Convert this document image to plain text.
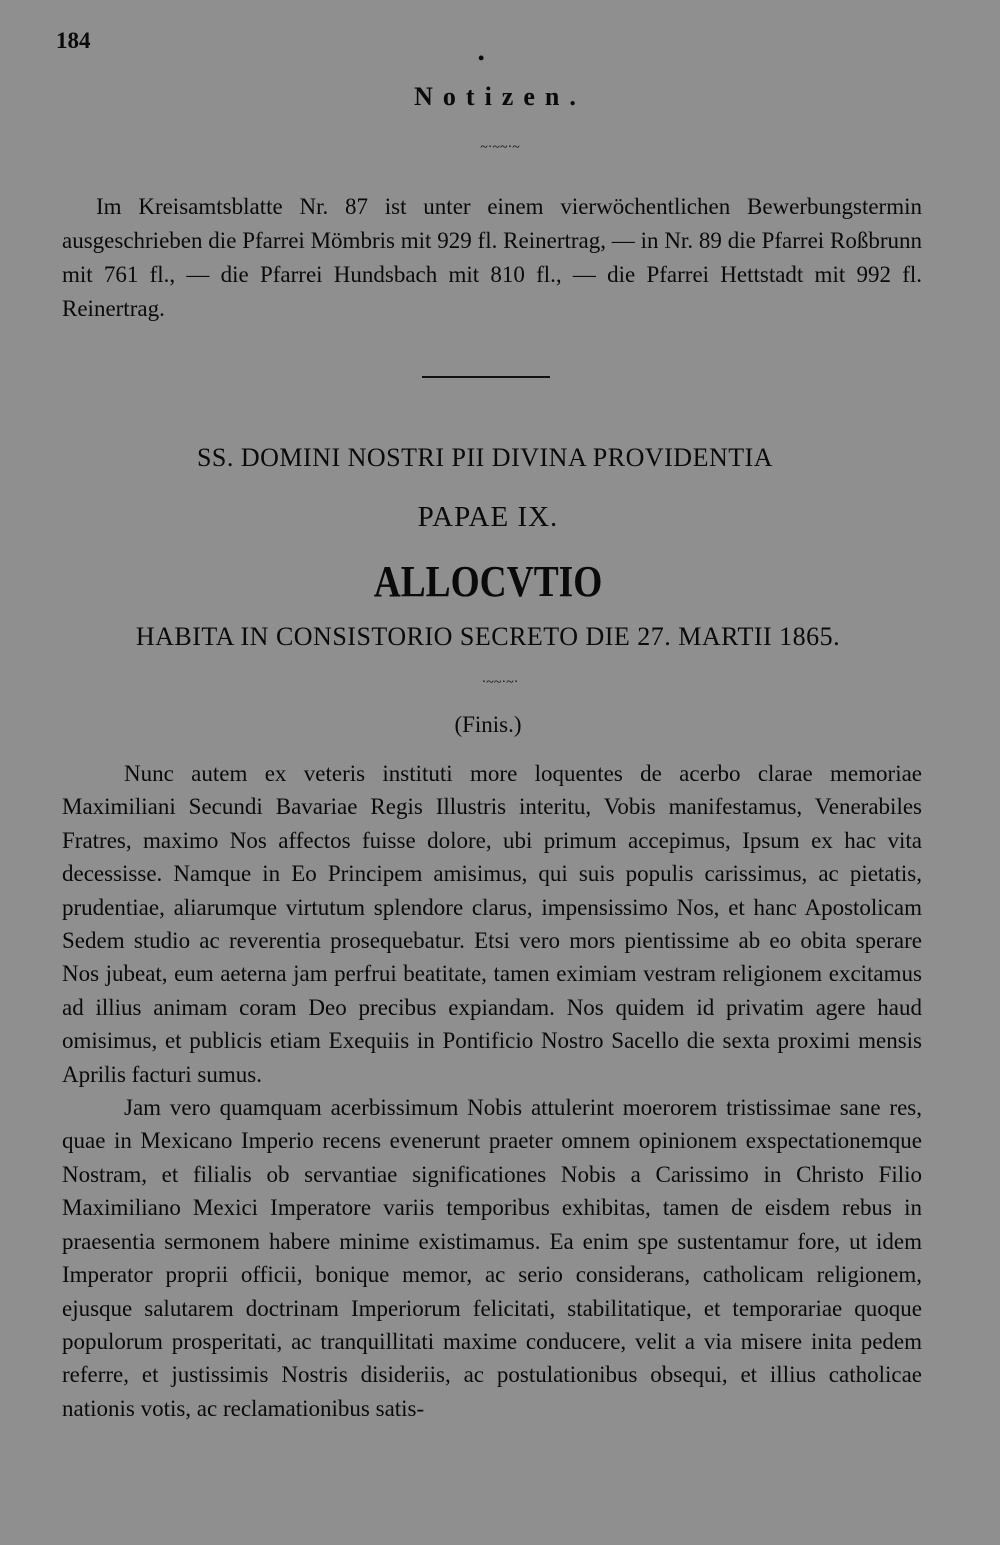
184
•
Notizen.
~·~~·~

Im Kreisamtsblatte Nr. 87 ist unter einem vierwöchentlichen Bewerbungstermin ausgeschrieben die Pfarrei Mömbris mit 929 fl. Reinertrag, — in Nr. 89 die Pfarrei Roßbrunn mit 761 fl., — die Pfarrei Hundsbach mit 810 fl., — die Pfarrei Hettstadt mit 992 fl. Reinertrag.

SS. DOMINI NOSTRI PII DIVINA PROVIDENTIA
PAPAE IX.
ALLOCVTIO
HABITA IN CONSISTORIO SECRETO DIE 27. MARTII 1865.
·~~·~·
(Finis.)

Nunc autem ex veteris instituti more loquentes de acerbo clarae memoriae Maximiliani Secundi Bavariae Regis Illustris interitu, Vobis manifestamus, Venerabiles Fratres, maximo Nos affectos fuisse dolore, ubi primum accepimus, Ipsum ex hac vita decessisse. Namque in Eo Principem amisimus, qui suis populis carissimus, ac pietatis, prudentiae, aliarumque virtutum splendore clarus, impensissimo Nos, et hanc Apostolicam Sedem studio ac reverentia prosequebatur. Etsi vero mors pientissime ab eo obita sperare Nos jubeat, eum aeterna jam perfrui beatitate, tamen eximiam vestram religionem excitamus ad illius animam coram Deo precibus expiandam. Nos quidem id privatim agere haud omisimus, et publicis etiam Exequiis in Pontificio Nostro Sacello die sexta proximi mensis Aprilis facturi sumus.

Jam vero quamquam acerbissimum Nobis attulerint moerorem tristissimae sane res, quae in Mexicano Imperio recens evenerunt praeter omnem opinionem exspectationemque Nostram, et filialis ob servantiae significationes Nobis a Carissimo in Christo Filio Maximiliano Mexici Imperatore variis temporibus exhibitas, tamen de eisdem rebus in praesentia sermonem habere minime existimamus. Ea enim spe sustentamur fore, ut idem Imperator proprii officii, bonique memor, ac serio considerans, catholicam religionem, ejusque salutarem doctrinam Imperiorum felicitati, stabilitatique, et temporariae quoque populorum prosperitati, ac tranquillitati maxime conducere, velit a via misere inita pedem referre, et justissimis Nostris disideriis, ac postulationibus obsequi, et illius catholicae nationis votis, ac reclamationibus satis-
